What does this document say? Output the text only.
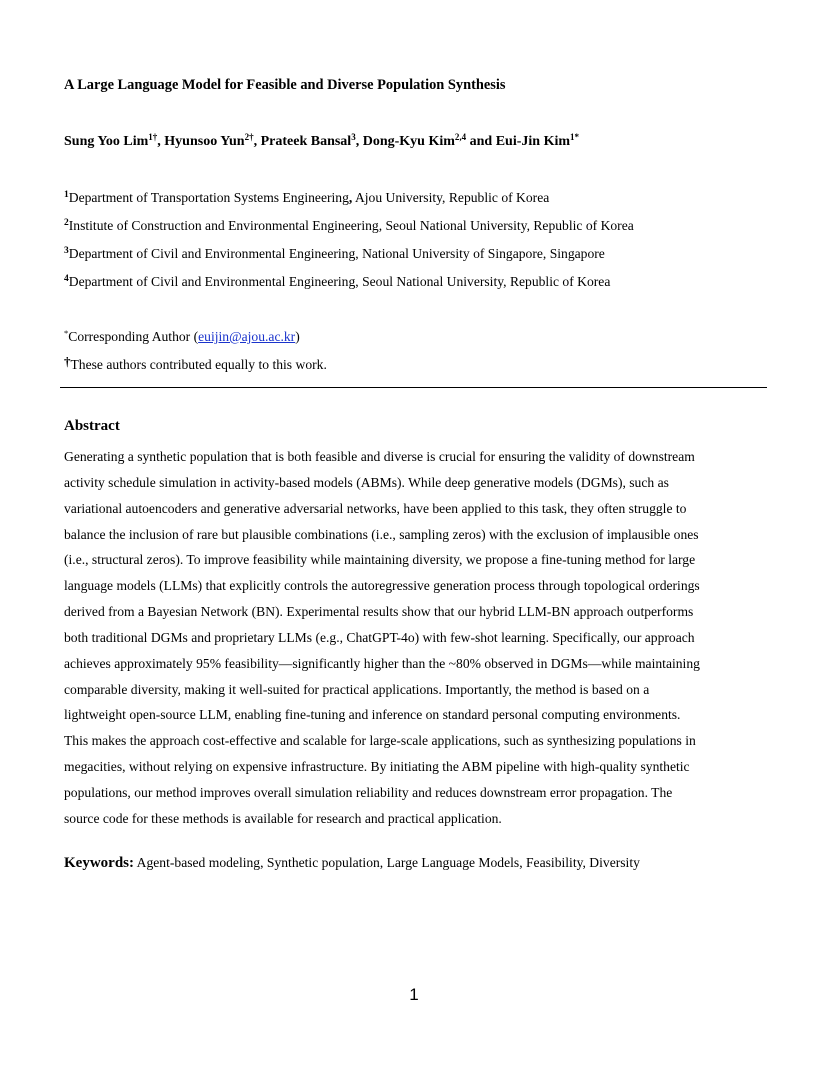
A Large Language Model for Feasible and Diverse Population Synthesis
Sung Yoo Lim$^{1\dagger}$, Hyunsoo Yun$^{2\dagger}$, Prateek Bansal$^3$, Dong-Kyu Kim$^{2,4}$ and Eui-Jin Kim$^{1*}$
$^1$Department of Transportation Systems Engineering, Ajou University, Republic of Korea
$^2$Institute of Construction and Environmental Engineering, Seoul National University, Republic of Korea
$^3$Department of Civil and Environmental Engineering, National University of Singapore, Singapore
$^4$Department of Civil and Environmental Engineering, Seoul National University, Republic of Korea
*Corresponding Author (euijin@ajou.ac.kr)
†These authors contributed equally to this work.
Abstract
Generating a synthetic population that is both feasible and diverse is crucial for ensuring the validity of downstream
activity schedule simulation in activity-based models (ABMs). While deep generative models (DGMs), such as
variational autoencoders and generative adversarial networks, have been applied to this task, they often struggle to
balance the inclusion of rare but plausible combinations (i.e., sampling zeros) with the exclusion of implausible ones
(i.e., structural zeros). To improve feasibility while maintaining diversity, we propose a fine-tuning method for large
language models (LLMs) that explicitly controls the autoregressive generation process through topological orderings
derived from a Bayesian Network (BN). Experimental results show that our hybrid LLM-BN approach outperforms
both traditional DGMs and proprietary LLMs (e.g., ChatGPT-4o) with few-shot learning. Specifically, our approach
achieves approximately 95% feasibility—significantly higher than the ~80% observed in DGMs—while maintaining
comparable diversity, making it well-suited for practical applications. Importantly, the method is based on a
lightweight open-source LLM, enabling fine-tuning and inference on standard personal computing environments.
This makes the approach cost-effective and scalable for large-scale applications, such as synthesizing populations in
megacities, without relying on expensive infrastructure. By initiating the ABM pipeline with high-quality synthetic
populations, our method improves overall simulation reliability and reduces downstream error propagation. The
source code for these methods is available for research and practical application.
Keywords: Agent-based modeling, Synthetic population, Large Language Models, Feasibility, Diversity
1
